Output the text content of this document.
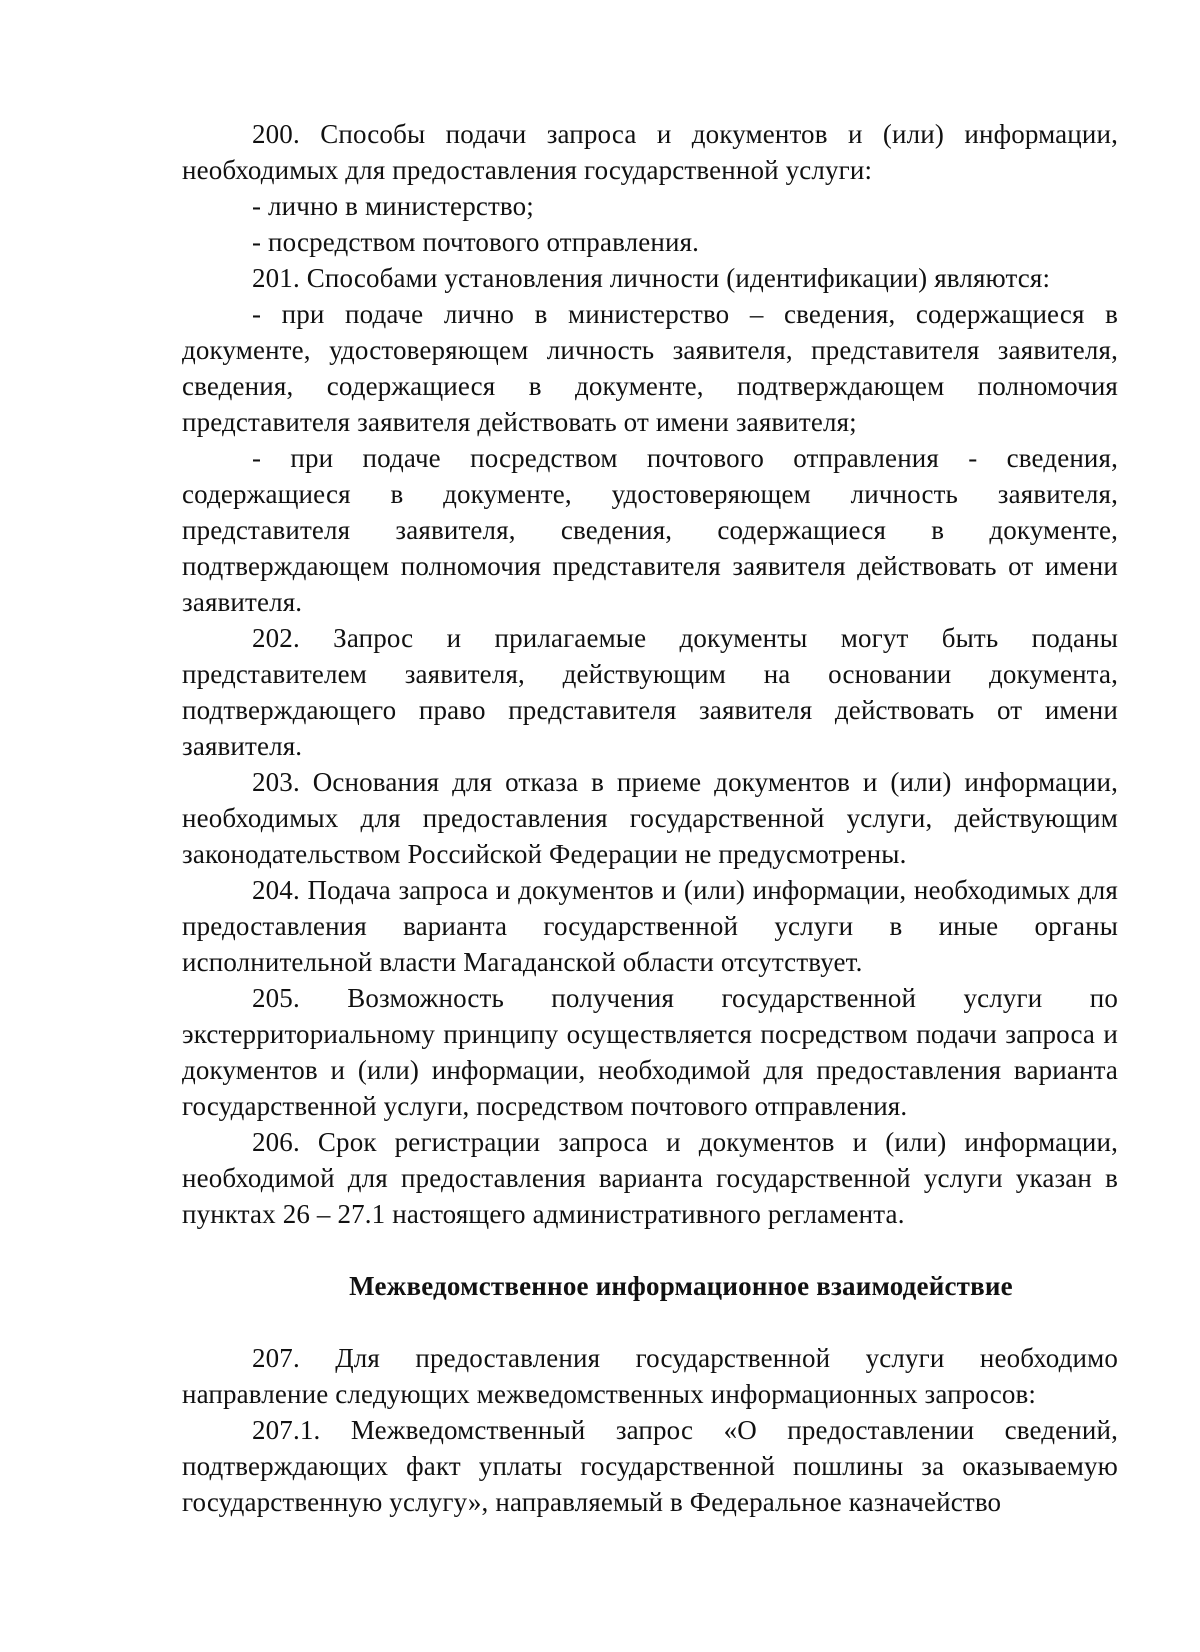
200. Способы подачи запроса и документов и (или) информации, необходимых для предоставления государственной услуги:

- лично в министерство;

- посредством почтового отправления.

201. Способами установления личности (идентификации) являются:

- при подаче лично в министерство – сведения, содержащиеся в документе, удостоверяющем личность заявителя, представителя заявителя, сведения, содержащиеся в документе, подтверждающем полномочия представителя заявителя действовать от имени заявителя;

- при подаче посредством почтового отправления - сведения, содержащиеся в документе, удостоверяющем личность заявителя, представителя заявителя, сведения, содержащиеся в документе, подтверждающем полномочия представителя заявителя действовать от имени заявителя.

202. Запрос и прилагаемые документы могут быть поданы представителем заявителя, действующим на основании документа, подтверждающего право представителя заявителя действовать от имени заявителя.

203. Основания для отказа в приеме документов и (или) информации, необходимых для предоставления государственной услуги, действующим законодательством Российской Федерации не предусмотрены.

204. Подача запроса и документов и (или) информации, необходимых для предоставления варианта государственной услуги в иные органы исполнительной власти Магаданской области отсутствует.

205. Возможность получения государственной услуги по экстерриториальному принципу осуществляется посредством подачи запроса и документов и (или) информации, необходимой для предоставления варианта государственной услуги, посредством почтового отправления.

206. Срок регистрации запроса и документов и (или) информации, необходимой для предоставления варианта государственной услуги указан в пунктах 26 – 27.1 настоящего административного регламента.

Межведомственное информационное взаимодействие

207. Для предоставления государственной услуги необходимо направление следующих межведомственных информационных запросов:

207.1. Межведомственный запрос «О предоставлении сведений, подтверждающих факт уплаты государственной пошлины за оказываемую государственную услугу», направляемый в Федеральное казначейство
